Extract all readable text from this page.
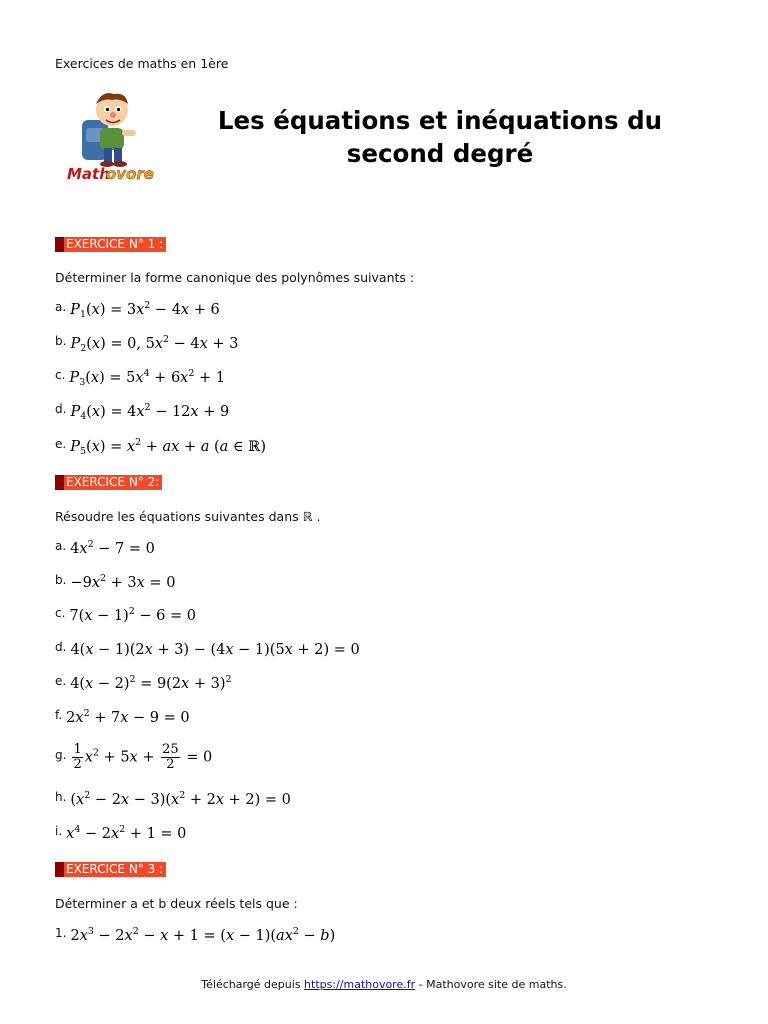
Exercices de maths en 1ère
Math
ovore
Les équations et inéquations du second degré
EXERCICE N° 1 :
Déterminer la forme canonique des polynômes suivants :
a. $P_1(x) = 3x^2 - 4x + 6$
b. $P_2(x) = 0$, $5x^2 - 4x + 3$
c. $P_3(x) = 5x^4 + 6x^2 + 1$
d. $P_4(x) = 4x^2 - 12x + 9$
e. $P_5(x) = x^2$ + ax + a (a ∈ ℝ)
EXERCICE N° 2:
Résoudre les équations suivantes dans ℝ .
a. $4x^2 - 7 = 0$
b. $-9x^2 + 3x = 0$
c. $7(x - 1)^2 - 6 = 0$
d. 4(x − 1)(2x + 3) − (4x − 1)(5x + 2) = 0
e. $4(x - 2)^2 = 9(2x + 3)^2$
f. $2x^2 + 7x - 9 = 0$
g. $\frac{1}{2} x^2 + 5x + \frac{25}{2} = 0$
h. $(x^2 - 2x - 3)(x^2 + 2x + 2) = 0$
i. $x^4 - 2x^2 + 1 = 0$
EXERCICE N° 3 :
Déterminer a et b deux réels tels que :
1. $2x^3 - 2x^2 - x + 1 = (x - 1)(ax^2 - b)$
Téléchargé depuis https://mathovore.fr - Mathovore site de maths.
